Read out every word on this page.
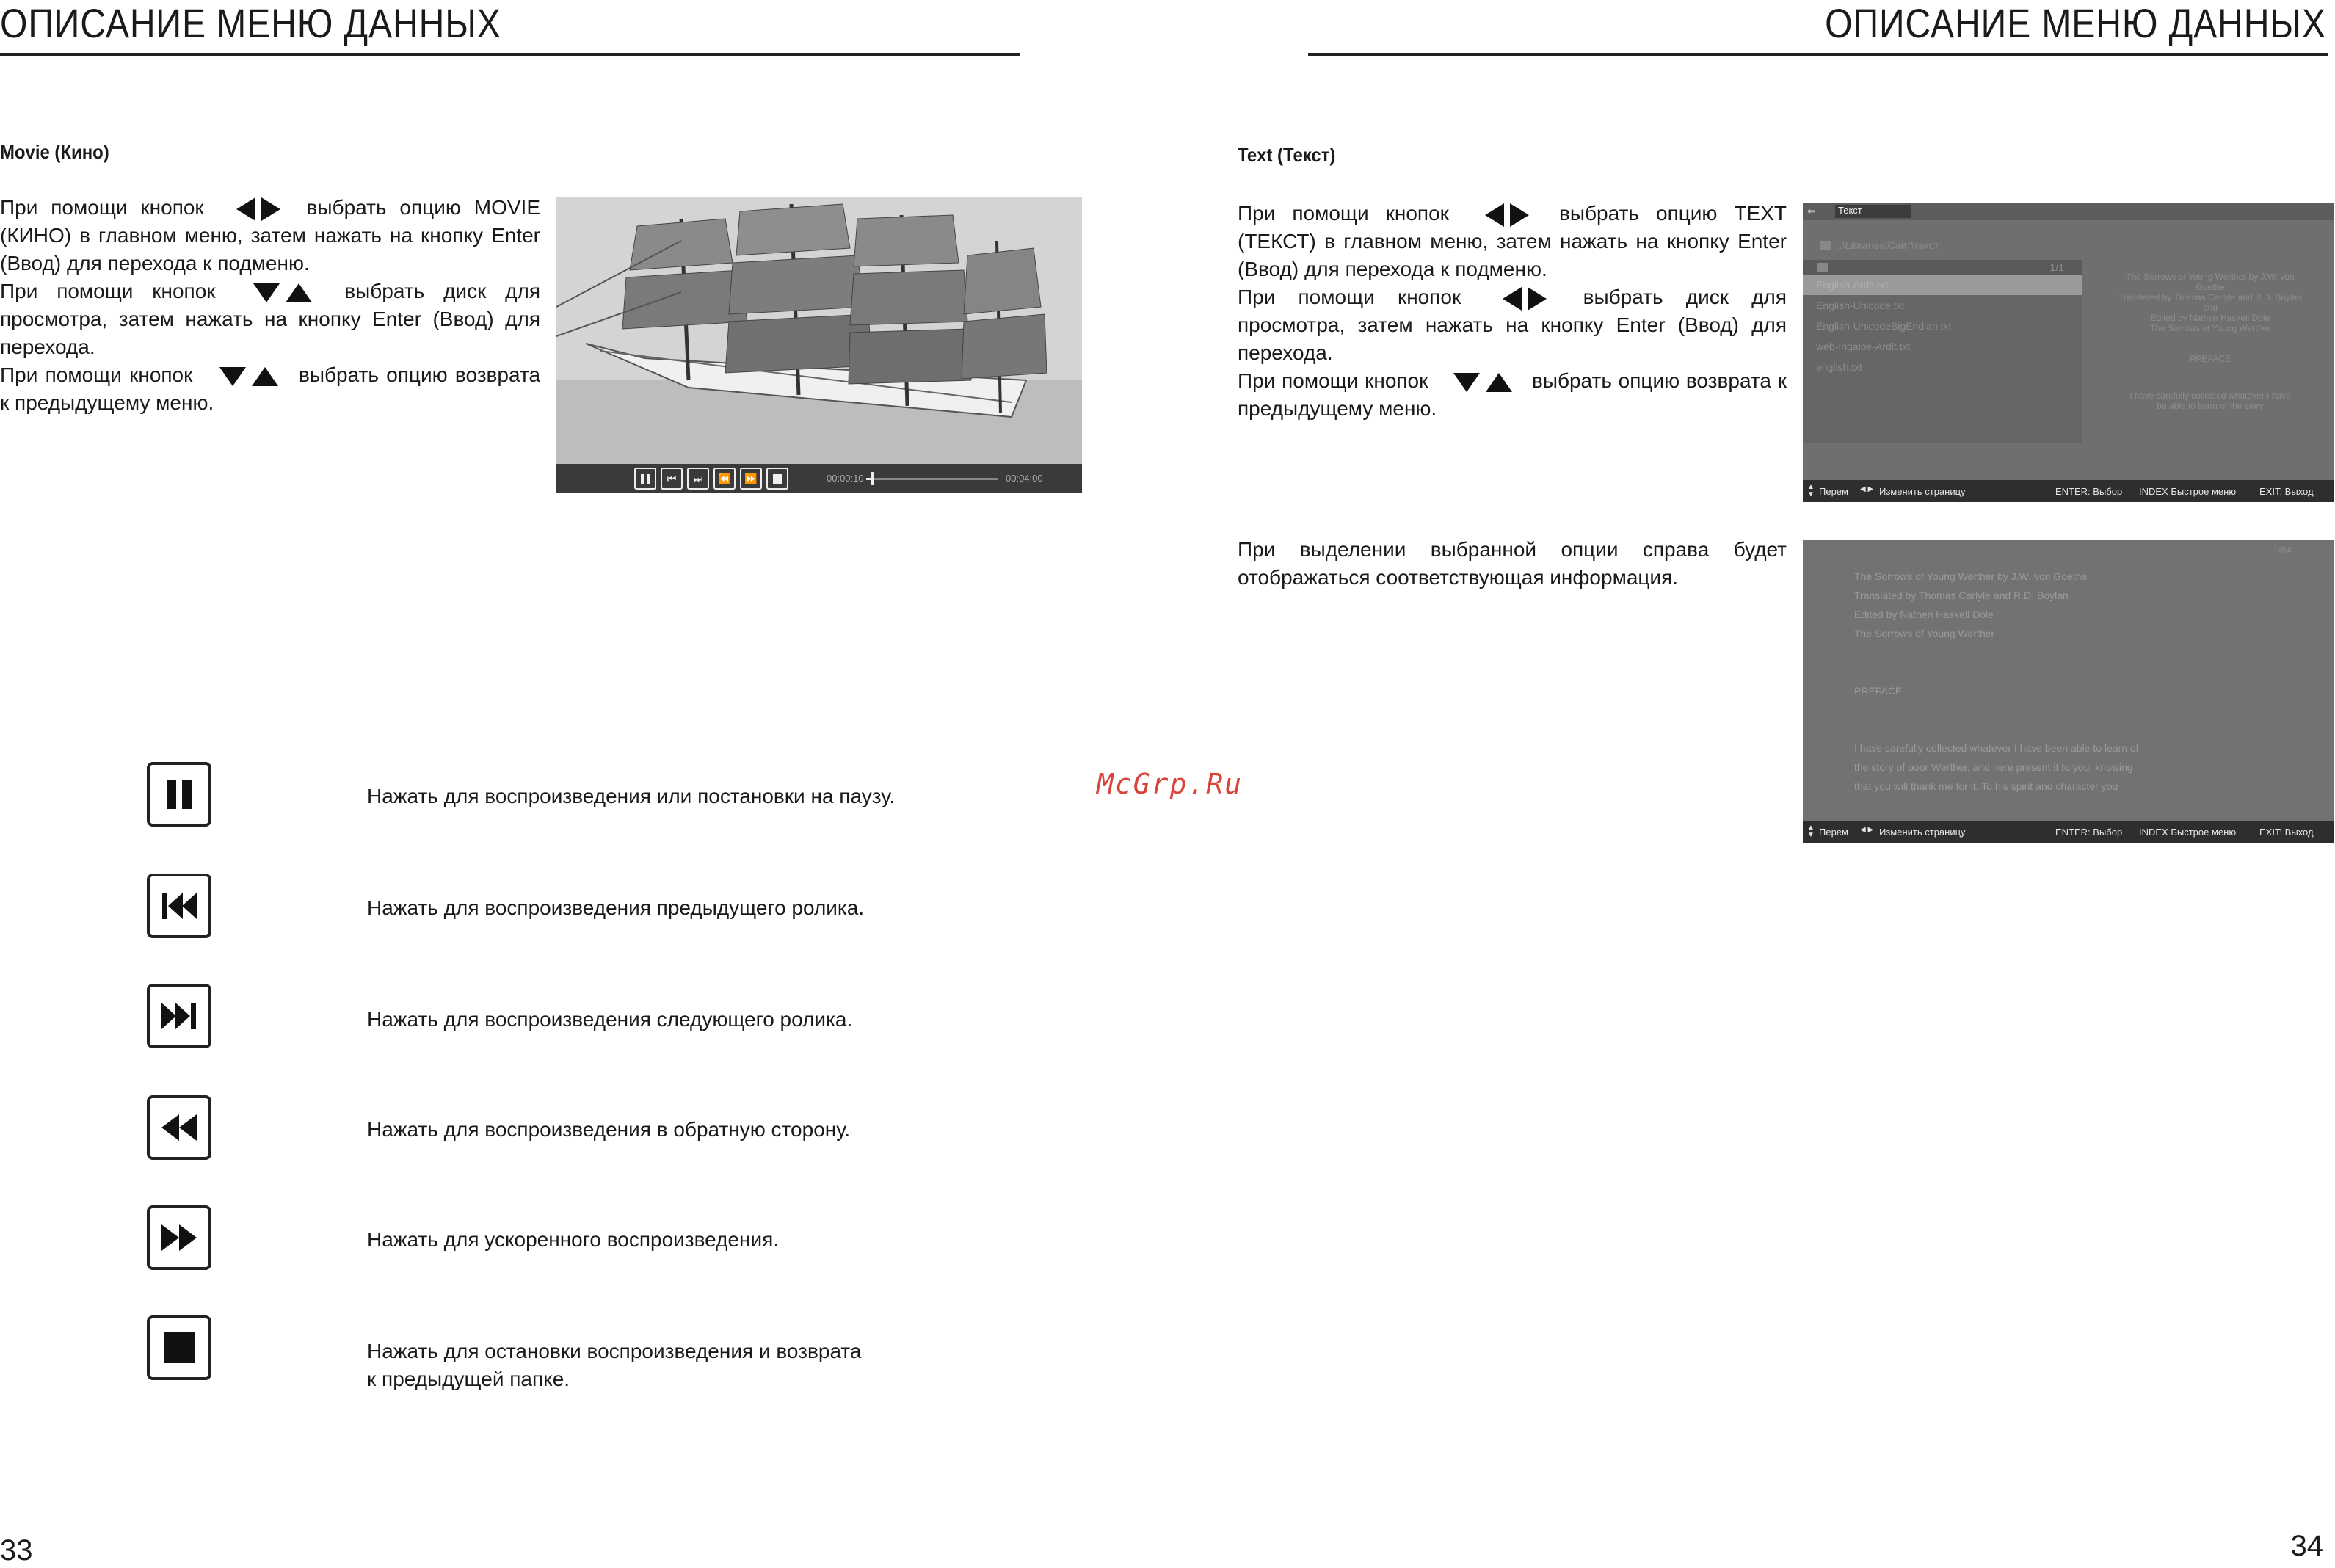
ОПИСАНИЕ МЕНЮ ДАННЫХ
Movie (Кино)

При помощи кнопок	выбрать опцию MOVIE (КИНО) в главном меню, затем нажать на кнопку Enter (Ввод) для перехода к подменю.

При помощи кнопок	выбрать диск для просмотра, затем нажать на кнопку Enter (Ввод) для перехода.

При помощи кнопок	выбрать опцию возврата к предыдущему меню.

⏮	⏭	⏪	⏩	00:00:10	00:04:00
Нажать для воспроизведения или постановки на паузу.
Нажать для воспроизведения предыдущего ролика.
Нажать для воспроизведения следующего ролика.
Нажать для воспроизведения в обратную сторону.
Нажать для ускоренного воспроизведения.
Нажать для остановки воспроизведения и возврата
к предыдущей папке.
33
McGrp.Ru
ОПИСАНИЕ МЕНЮ ДАННЫХ
Text (Текст)

При помощи кнопок	выбрать опцию TEXT (ТЕКСТ) в главном меню, затем нажать на кнопку Enter (Ввод) для перехода к подменю.

При помощи кнопок	выбрать диск для просмотра, затем нажать на кнопку Enter (Ввод) для перехода.

При помощи кнопок	выбрать опцию возврата к предыдущему меню.

При выделении выбранной опции справа будет отображаться соответствующая информация.
⇐	Текст
..\Libraries\Сайт\текст
1/1
English-Ardit.txt
English-Unicode.txt
English-UnicodeBigEndian.txt
web-Ingaloe-Ardit.txt
english.txt
The Sorrows of Young Werther by J.W. von
Goethe
Translated by Thomas Carlyle and R.D. Boylan
and
Edited by Nathen Haskell Dole
The Sorrows of Young Werther
PREFACE
I have carefully collected whatever I have
be able to learn of the story
▲
▼ Перем ◀ ▶ Изменить страницу	ENTER: Выбор INDEX Быстрое меню EXIT: Выход
1/84
The Sorrows of Young Werther by J.W. von Goethe
Translated by Thomas Carlyle and R.D. Boylan
Edited by Nathen Haskell Dole
The Sorrows of Young Werther
PREFACE
I have carefully collected whatever I have been able to learn of
the story of poor Werther, and here present it to you, knowing
that you will thank me for it. To his spirit and character you
▲
▼ Перем ◀ ▶ Изменить страницу	ENTER: Выбор INDEX Быстрое меню EXIT: Выход
34
